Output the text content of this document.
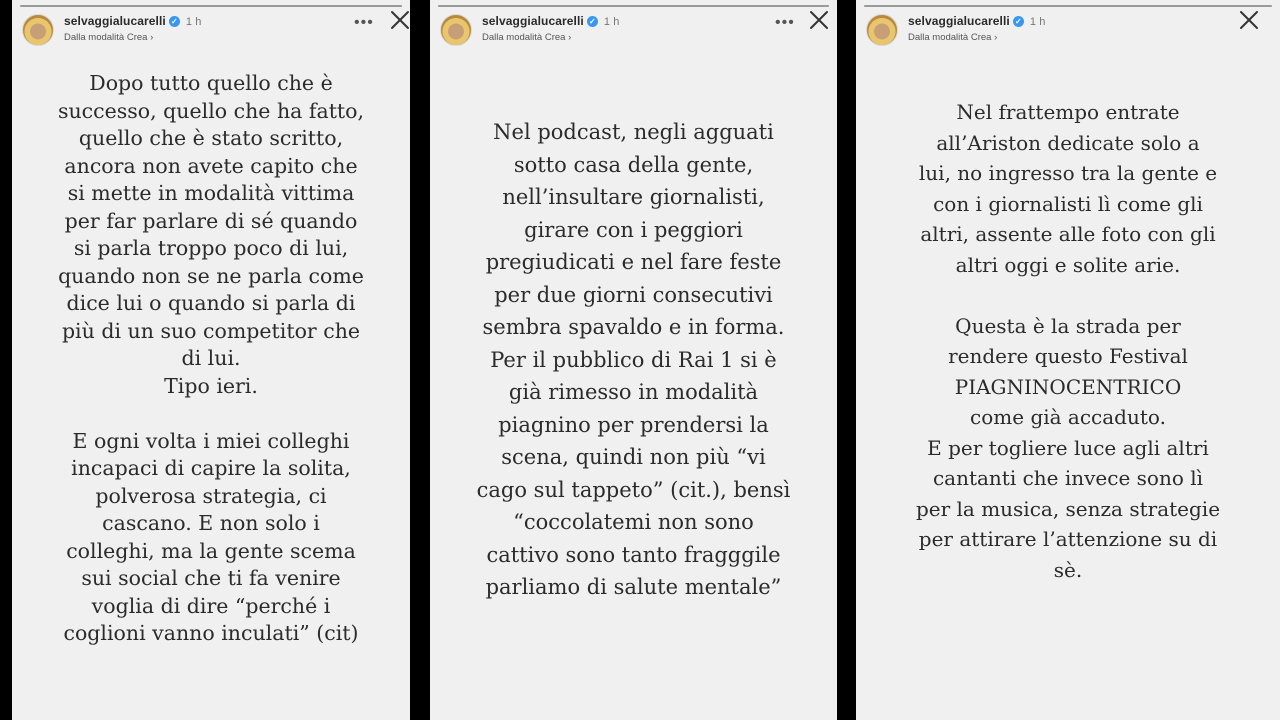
selvaggialucarelli ✓ 1 h
Dalla modalità Crea ›
•••

Dopo tutto quello che è
successo, quello che ha fatto,
quello che è stato scritto,
ancora non avete capito che
si mette in modalità vittima
per far parlare di sé quando
si parla troppo poco di lui,
quando non se ne parla come
dice lui o quando si parla di
più di un suo competitor che
di lui.
Tipo ieri.

E ogni volta i miei colleghi
incapaci di capire la solita,
polverosa strategia, ci
cascano. E non solo i
colleghi, ma la gente scema
sui social che ti fa venire
voglia di dire “perché i
coglioni vanno inculati” (cit)

selvaggialucarelli ✓ 1 h
Dalla modalità Crea ›
•••

Nel podcast, negli agguati
sotto casa della gente,
nell’insultare giornalisti,
girare con i peggiori
pregiudicati e nel fare feste
per due giorni consecutivi
sembra spavaldo e in forma.
Per il pubblico di Rai 1 si è
già rimesso in modalità
piagnino per prendersi la
scena, quindi non più “vi
cago sul tappeto” (cit.), bensì
“coccolatemi non sono
cattivo sono tanto fragggile
parliamo di salute mentale”

selvaggialucarelli ✓ 1 h
Dalla modalità Crea ›

Nel frattempo entrate
all’Ariston dedicate solo a
lui, no ingresso tra la gente e
con i giornalisti lì come gli
altri, assente alle foto con gli
altri oggi e solite arie.

Questa è la strada per
rendere questo Festival
PIAGNINOCENTRICO
come già accaduto.
E per togliere luce agli altri
cantanti che invece sono lì
per la musica, senza strategie
per attirare l’attenzione su di
sè.
